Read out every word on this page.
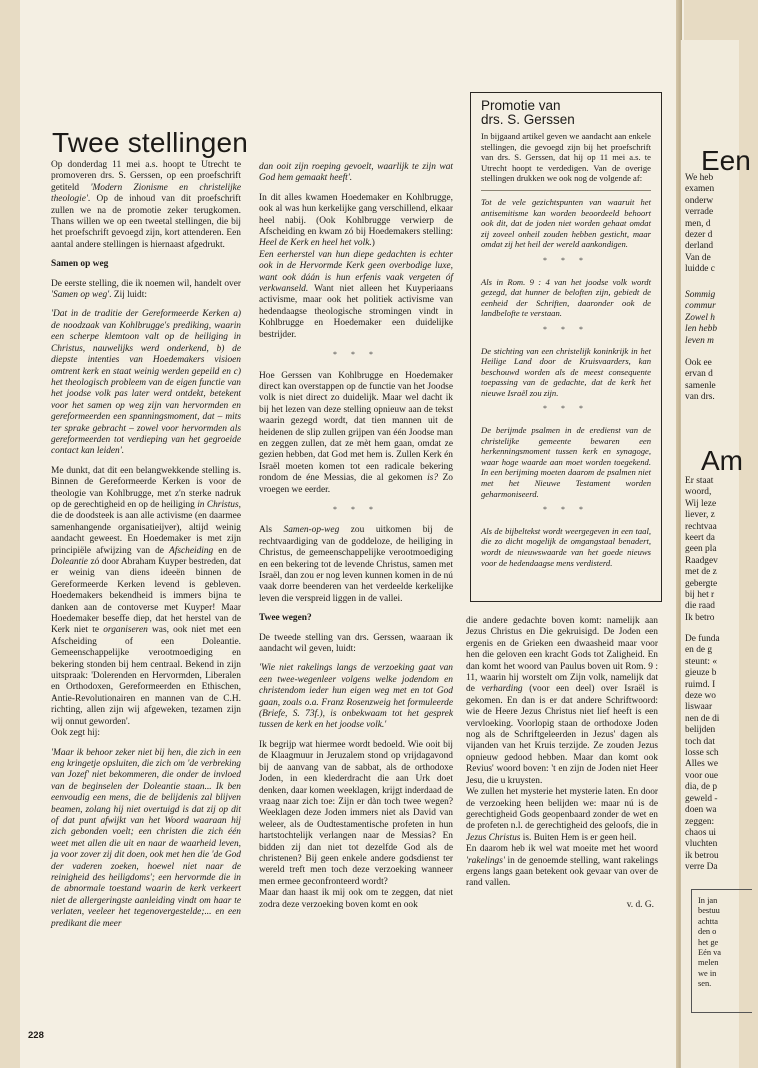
Twee stellingen

Op donderdag 11 mei a.s. hoopt te Utrecht te promoveren drs. S. Gerssen, op een proefschrift getiteld 'Modern Zionisme en christelijke theologie'. Op de inhoud van dit proefschrift zullen we na de promotie zeker terugkomen. Thans willen we op een tweetal stellingen, die bij het proefschrift gevoegd zijn, kort attenderen. Een aantal andere stellingen is hiernaast afgedrukt.

Samen op weg

De eerste stelling, die ik noemen wil, handelt over 'Samen op weg'. Zij luidt:

'Dat in de traditie der Gereformeerde Kerken a) de noodzaak van Kohlbrugge's prediking, waarin een scherpe klemtoon valt op de heiliging in Christus, nauwelijks werd onderkend, b) de diepste intenties van Hoedemakers visioen omtrent kerk en staat weinig werden gepeild en c) het theologisch probleem van de eigen functie van het joodse volk pas later werd ontdekt, betekent voor het samen op weg zijn van hervormden en gereformeerden een spanningsmoment, dat – mits ter sprake gebracht – zowel voor hervormden als gereformeerden tot verdieping van het gegroeide contact kan leiden'.

Me dunkt, dat dit een belangwekkende stelling is. Binnen de Gereformeerde Kerken is voor de theologie van Kohlbrugge, met z'n sterke nadruk op de gerechtigheid en op de heiliging in Christus, die de doodsteek is aan alle activisme (en daarmee samenhangende organisatieijver), altijd weinig aandacht geweest. En Hoedemaker is met zijn principiële afwijzing van de Afscheiding en de Doleantie zó door Abraham Kuyper bestreden, dat er weinig van diens ideeën binnen de Gereformeerde Kerken levend is gebleven. Hoedemakers bekendheid is immers bijna te danken aan de contoverse met Kuyper! Maar Hoedemaker beseffe diep, dat het herstel van de Kerk niet te organiseren was, ook niet met een Afscheiding of een Doleantie. Gemeenschappelijke verootmoediging en bekering stonden bij hem centraal. Bekend in zijn uitspraak: 'Dolerenden en Hervormden, Liberalen en Orthodoxen, Gereformeerden en Ethischen, Antie-Revolutionairen en mannen van de C.H. richting, allen zijn wij afgeweken, tezamen zijn wij onnut geworden'.

Ook zegt hij:

'Maar ik behoor zeker niet bij hen, die zich in een eng kringetje opsluiten, die zich om 'de verbreking van Jozef' niet bekommeren, die onder de invloed van de beginselen der Doleantie staan... Ik ben eenvoudig een mens, die de belijdenis zal blijven beamen, zolang hij niet overtuigd is dat zij op dit of dat punt afwijkt van het Woord waaraan hij zich gebonden voelt; een christen die zich één weet met allen die uit en naar de waarheid leven, ja voor zover zij dit doen, ook met hen die 'de God der vaderen zoeken, hoewel niet naar de reinigheid des heiligdoms'; een hervormde die in de abnormale toestand waarin de kerk verkeert niet de allergeringste aanleiding vindt om haar te verlaten, veeleer het tegenovergestelde;... en een predikant die meer

dan ooit zijn roeping gevoelt, waarlijk te zijn wat God hem gemaakt heeft'.

In dit alles kwamen Hoedemaker en Kohlbrugge, ook al was hun kerkelijke gang verschillend, elkaar heel nabij. (Ook Kohlbrugge verwierp de Afscheiding en kwam zó bij Hoedemakers stelling: Heel de Kerk en heel het volk.)

Een eerherstel van hun diepe gedachten is echter ook in de Hervormde Kerk geen overbodige luxe, want ook dáán is hun erfenis vaak vergeten óf verkwanseld. Want niet alleen het Kuyperiaans activisme, maar ook het politiek activisme van hedendaagse theologische stromingen vindt in Kohlbrugge en Hoedemaker een duidelijke bestrijder.

* * *

Hoe Gerssen van Kohlbrugge en Hoedemaker direct kan overstappen op de functie van het Joodse volk is niet direct zo duidelijk. Maar wel dacht ik bij het lezen van deze stelling opnieuw aan de tekst waarin gezegd wordt, dat tien mannen uit de heidenen de slip zullen grijpen van één Joodse man en zeggen zullen, dat ze mèt hem gaan, omdat ze gezien hebben, dat God met hem is. Zullen Kerk én Israël moeten komen tot een radicale bekering rondom de éne Messias, die al gekomen is? Zo vroegen we eerder.

* * *

Als Samen-op-weg zou uitkomen bij de rechtvaardiging van de goddeloze, de heiliging in Christus, de gemeenschappelijke verootmoediging en een bekering tot de levende Christus, samen met Israël, dan zou er nog leven kunnen komen in de nú vaak dorre beenderen van het verdeelde kerkelijke leven die verspreid liggen in de vallei.

Twee wegen?

De tweede stelling van drs. Gerssen, waaraan ik aandacht wil geven, luidt:

'Wie niet rakelings langs de verzoeking gaat van een twee-wegenleer volgens welke jodendom en christendom ieder hun eigen weg met en tot God gaan, zoals o.a. Franz Rosenzweig het formuleerde (Briefe, S. 73f.), is onbekwaam tot het gesprek tussen de kerk en het joodse volk.'

Ik begrijp wat hiermee wordt bedoeld. Wie ooit bij de Klaagmuur in Jeruzalem stond op vrijdagavond bij de aanvang van de sabbat, als de orthodoxe Joden, in een klederdracht die aan Urk doet denken, daar komen weeklagen, krijgt inderdaad de vraag naar zich toe: Zijn er dàn toch twee wegen? Weeklagen deze Joden immers niet als David van weleer, als de Oudtestamentische profeten in hun hartstochtelijk verlangen naar de Messias? En bidden zij dan niet tot dezelfde God als de christenen? Bij geen enkele andere godsdienst ter wereld treft men toch deze verzoeking wanneer men ermee geconfronteerd wordt?

Maar dan haast ik mij ook om te zeggen, dat niet zodra deze verzoeking boven komt en ook

Promotie van
drs. S. Gerssen

In bijgaand artikel geven we aandacht aan enkele stellingen, die gevoegd zijn bij het proefschrift van drs. S. Gerssen, dat hij op 11 mei a.s. te Utrecht hoopt te verdedigen. Van de overige stellingen drukken we ook nog de volgende af:

Tot de vele gezichtspunten van waaruit het antisemitisme kan worden beoordeeld behoort ook dit, dat de joden niet worden gehaat omdat zij zoveel onheil zouden hebben gesticht, maar omdat zij het heil der wereld aankondigen.

* * *

Als in Rom. 9 : 4 van het joodse volk wordt gezegd, dat hunner de beloften zijn, gebiedt de eenheid der Schriften, daaronder ook de landbelofte te verstaan.

* * *

De stichting van een christelijk koninkrijk in het Heilige Land door de Kruisvaarders, kan beschouwd worden als de meest consequente toepassing van de gedachte, dat de kerk het nieuwe Israël zou zijn.

* * *

De berijmde psalmen in de eredienst van de christelijke gemeente bewaren een herkenningsmoment tussen kerk en synagoge, waar hoge waarde aan moet worden toegekend. In een berijming moeten daarom de psalmen niet met het Nieuwe Testament worden geharmoniseerd.

* * *

Als de bijbeltekst wordt weergegeven in een taal, die zo dicht mogelijk de omgangstaal benadert, wordt de nieuwswaarde van het goede nieuws voor de hedendaagse mens verdisterd.

die andere gedachte boven komt: namelijk aan Jezus Christus en Die gekruisigd. De Joden een ergenis en de Grieken een dwaasheid maar voor hen die geloven een kracht Gods tot Zaligheid. En dan komt het woord van Paulus boven uit Rom. 9 : 11, waarin hij worstelt om Zijn volk, namelijk dat de verharding (voor een deel) over Israël is gekomen. En dan is er dat andere Schriftwoord: wie de Heere Jezus Christus niet lief heeft is een vervloeking. Voorlopig staan de orthodoxe Joden nog als de Schriftgeleerden in Jezus' dagen als vijanden van het Kruis terzijde. Ze zouden Jezus opnieuw gedood hebben. Maar dan komt ook Revius' woord boven: 't en zijn de Joden niet Heer Jesu, die u kruysten.

We zullen het mysterie het mysterie laten. En door de verzoeking heen belijden we: maar nú is de gerechtigheid Gods geopenbaard zonder de wet en de profeten n.l. de gerechtigheid des geloofs, die in Jezus Christus is. Buiten Hem is er geen heil.

En daarom heb ik wel wat moeite met het woord 'rakelings' in de genoemde stelling, want rakelings ergens langs gaan betekent ook gevaar van over de rand vallen.

v. d. G.
228
Een
We heb
examen
onderw
verrade
men, d
dezer d
derland
Van de
luidde c
Sommig
commur
Zowel h
len hebb
leven m
Ook ee
ervan d
samenle
van drs.
Am
Er staat
woord,
Wij leze
liever, z
rechtvaa
keert da
geen pla
Raadgev
met de z
gebergte
bij het r
die raad
Ik betro
De funda
en de g
steunt: «
gieuze b
ruimd. I
deze wo
liswaar
nen de di
belijden
toch dat
losse sch
Alles we
voor oue
dia, de p
geweld -
doen wa
zeggen:
chaos ui
vluchten
ik betrou
verre Da
In jan
bestuu
achtta
den o
het ge
Eén va
melen
we in
sen.
